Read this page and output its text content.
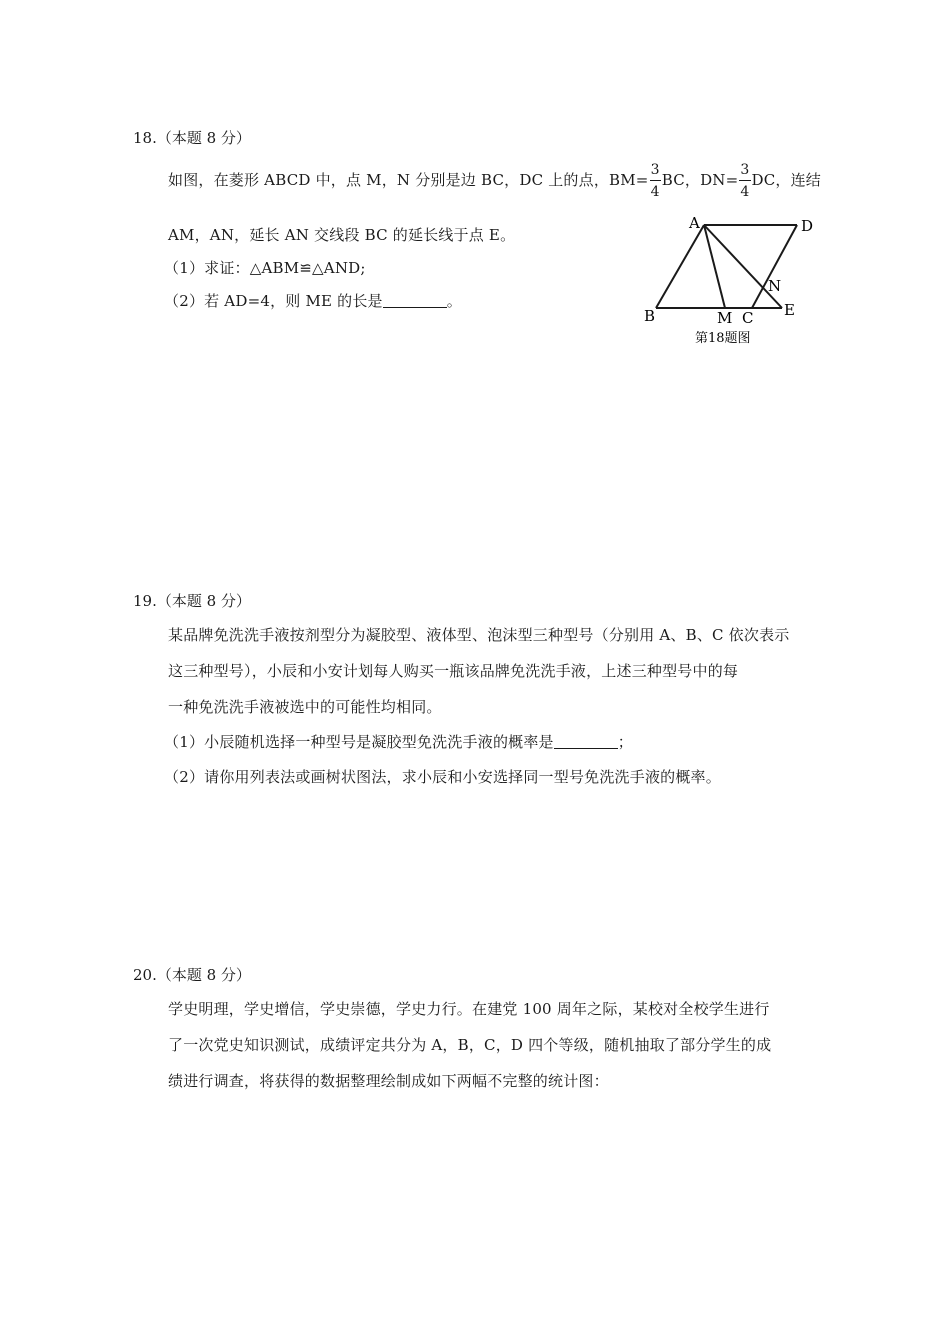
18.（本题 8 分）
如图，在菱形 ABCD 中，点 M，N 分别是边 BC，DC 上的点，$BM= \frac{3}{4}$ BC，$DN= \frac{3}{4}$ DC，连结
AM，AN，延长 AN 交线段 BC 的延长线于点 E。
（1）求证：△ABM≌△AND;
（2）若 AD=4，则 ME 的长是	。
A	D
B	M C
N
E
第18题图
19.（本题 8 分）
某品牌免洗洗手液按剂型分为凝胶型、液体型、泡沫型三种型号（分别用 A、B、C 依次表示
这三种型号），小辰和小安计划每人购买一瓶该品牌免洗洗手液，上述三种型号中的每
一种免洗洗手液被选中的可能性均相同。
（1）小辰随机选择一种型号是凝胶型免洗洗手液的概率是	；
（2）请你用列表法或画树状图法，求小辰和小安选择同一型号免洗洗手液的概率。
20.（本题 8 分）
学史明理，学史增信，学史崇德，学史力行。在建党 100 周年之际，某校对全校学生进行
了一次党史知识测试，成绩评定共分为 A，B，C，D 四个等级，随机抽取了部分学生的成
绩进行调查，将获得的数据整理绘制成如下两幅不完整的统计图：
